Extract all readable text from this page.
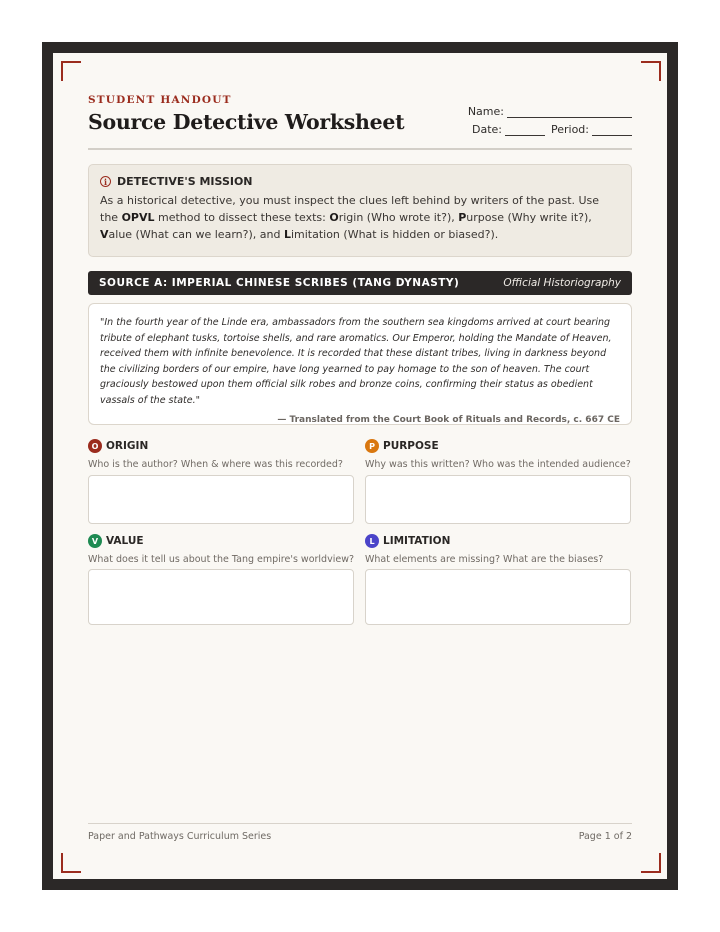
STUDENT HANDOUT
Source Detective Worksheet	Name:
Date:	Period:
i DETECTIVE'S MISSION
As a historical detective, you must inspect the clues left behind by writers of the past. Use the OPVL method to dissect these texts: Origin (Who wrote it?), Purpose (Why write it?), Value (What can we learn?), and Limitation (What is hidden or biased?).
SOURCE A: IMPERIAL CHINESE SCRIBES (TANG DYNASTY)	Official Historiography
"In the fourth year of the Linde era, ambassadors from the southern sea kingdoms arrived at court bearing tribute of elephant tusks, tortoise shells, and rare aromatics. Our Emperor, holding the Mandate of Heaven, received them with infinite benevolence. It is recorded that these distant tribes, living in darkness beyond the civilizing borders of our empire, have long yearned to pay homage to the son of heaven. The court graciously bestowed upon them official silk robes and bronze coins, confirming their status as obedient vassals of the state."
— Translated from the Court Book of Rituals and Records, c. 667 CE
O ORIGIN
Who is the author? When & where was this recorded?
P PURPOSE
Why was this written? Who was the intended audience?
V VALUE
What does it tell us about the Tang empire's worldview?
L LIMITATION
What elements are missing? What are the biases?
Paper and Pathways Curriculum Series	Page 1 of 2
